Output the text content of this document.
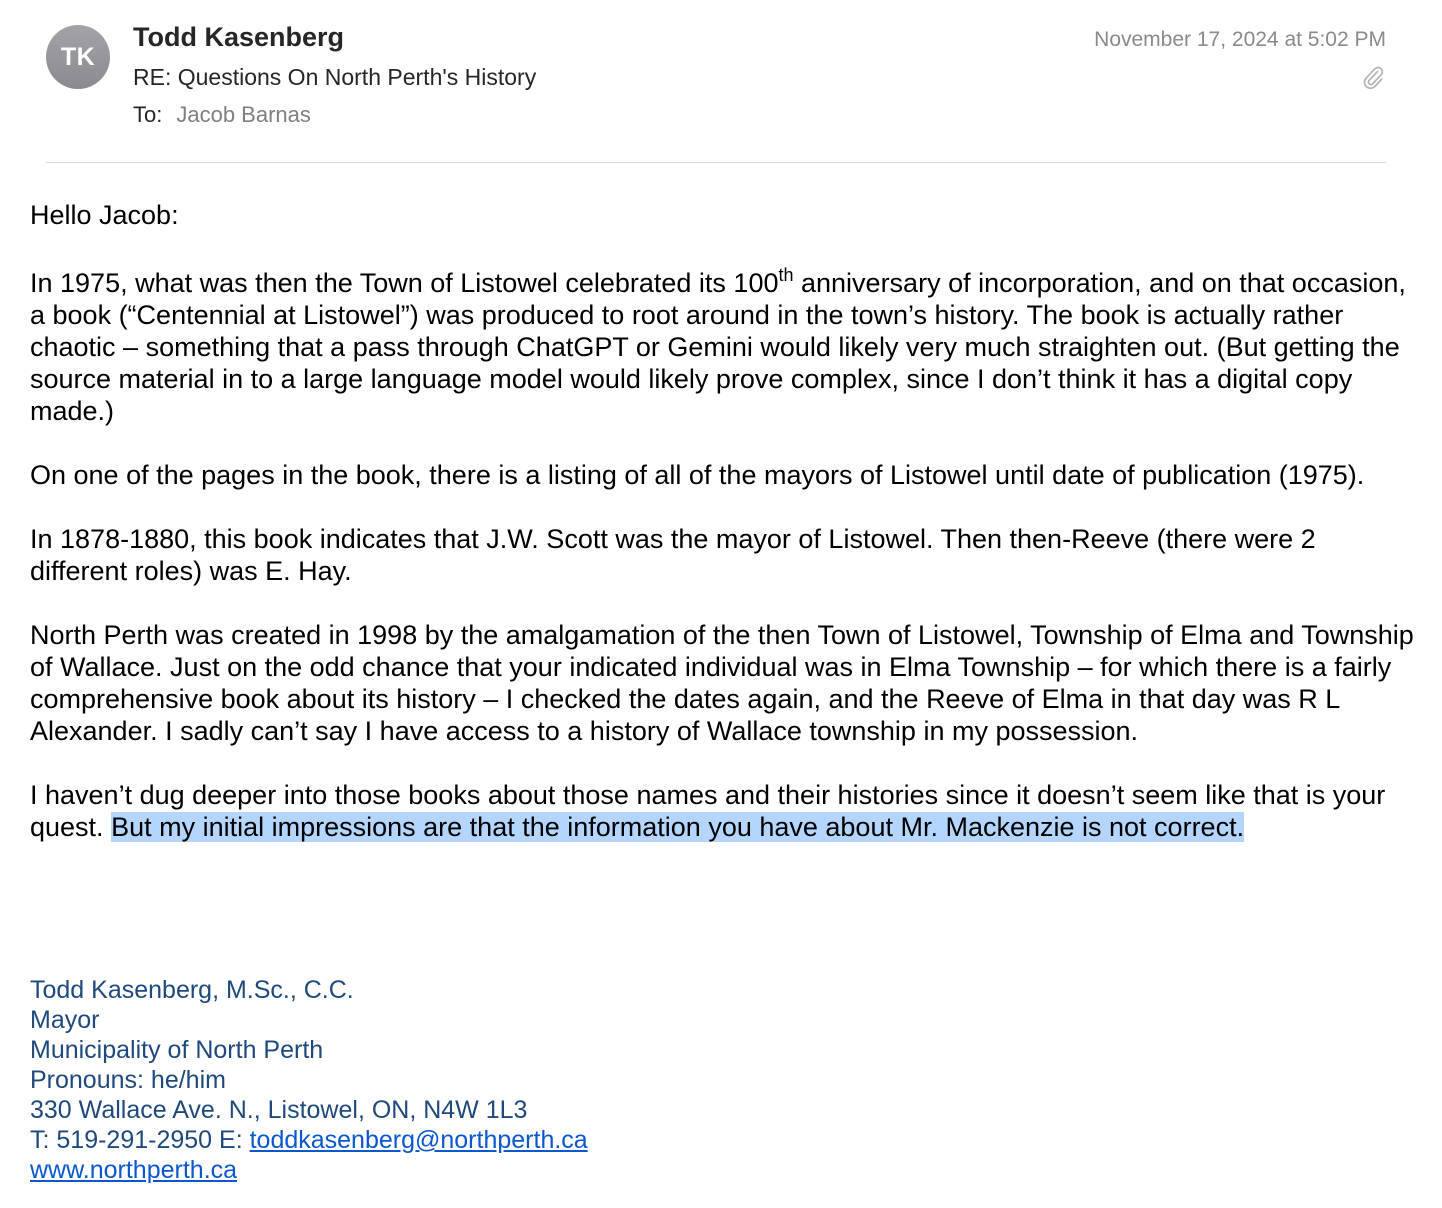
TK
Todd Kasenberg
RE: Questions On North Perth's History
To: Jacob Barnas
November 17, 2024 at 5:02 PM

Hello Jacob:

In 1975, what was then the Town of Listowel celebrated its 100th anniversary of incorporation, and on that occasion, a book (“Centennial at Listowel”) was produced to root around in the town’s history. The book is actually rather chaotic – something that a pass through ChatGPT or Gemini would likely very much straighten out. (But getting the source material in to a large language model would likely prove complex, since I don’t think it has a digital copy made.)

On one of the pages in the book, there is a listing of all of the mayors of Listowel until date of publication (1975).

In 1878-1880, this book indicates that J.W. Scott was the mayor of Listowel. Then then-Reeve (there were 2 different roles) was E. Hay.

North Perth was created in 1998 by the amalgamation of the then Town of Listowel, Township of Elma and Township of Wallace. Just on the odd chance that your indicated individual was in Elma Township – for which there is a fairly comprehensive book about its history – I checked the dates again, and the Reeve of Elma in that day was R L Alexander. I sadly can’t say I have access to a history of Wallace township in my possession.

I haven’t dug deeper into those books about those names and their histories since it doesn’t seem like that is your quest. But my initial impressions are that the information you have about Mr. Mackenzie is not correct.

Todd Kasenberg, M.Sc., C.C.
Mayor
Municipality of North Perth
Pronouns: he/him
330 Wallace Ave. N., Listowel, ON, N4W 1L3
T: 519-291-2950 E: toddkasenberg@northperth.ca
www.northperth.ca
